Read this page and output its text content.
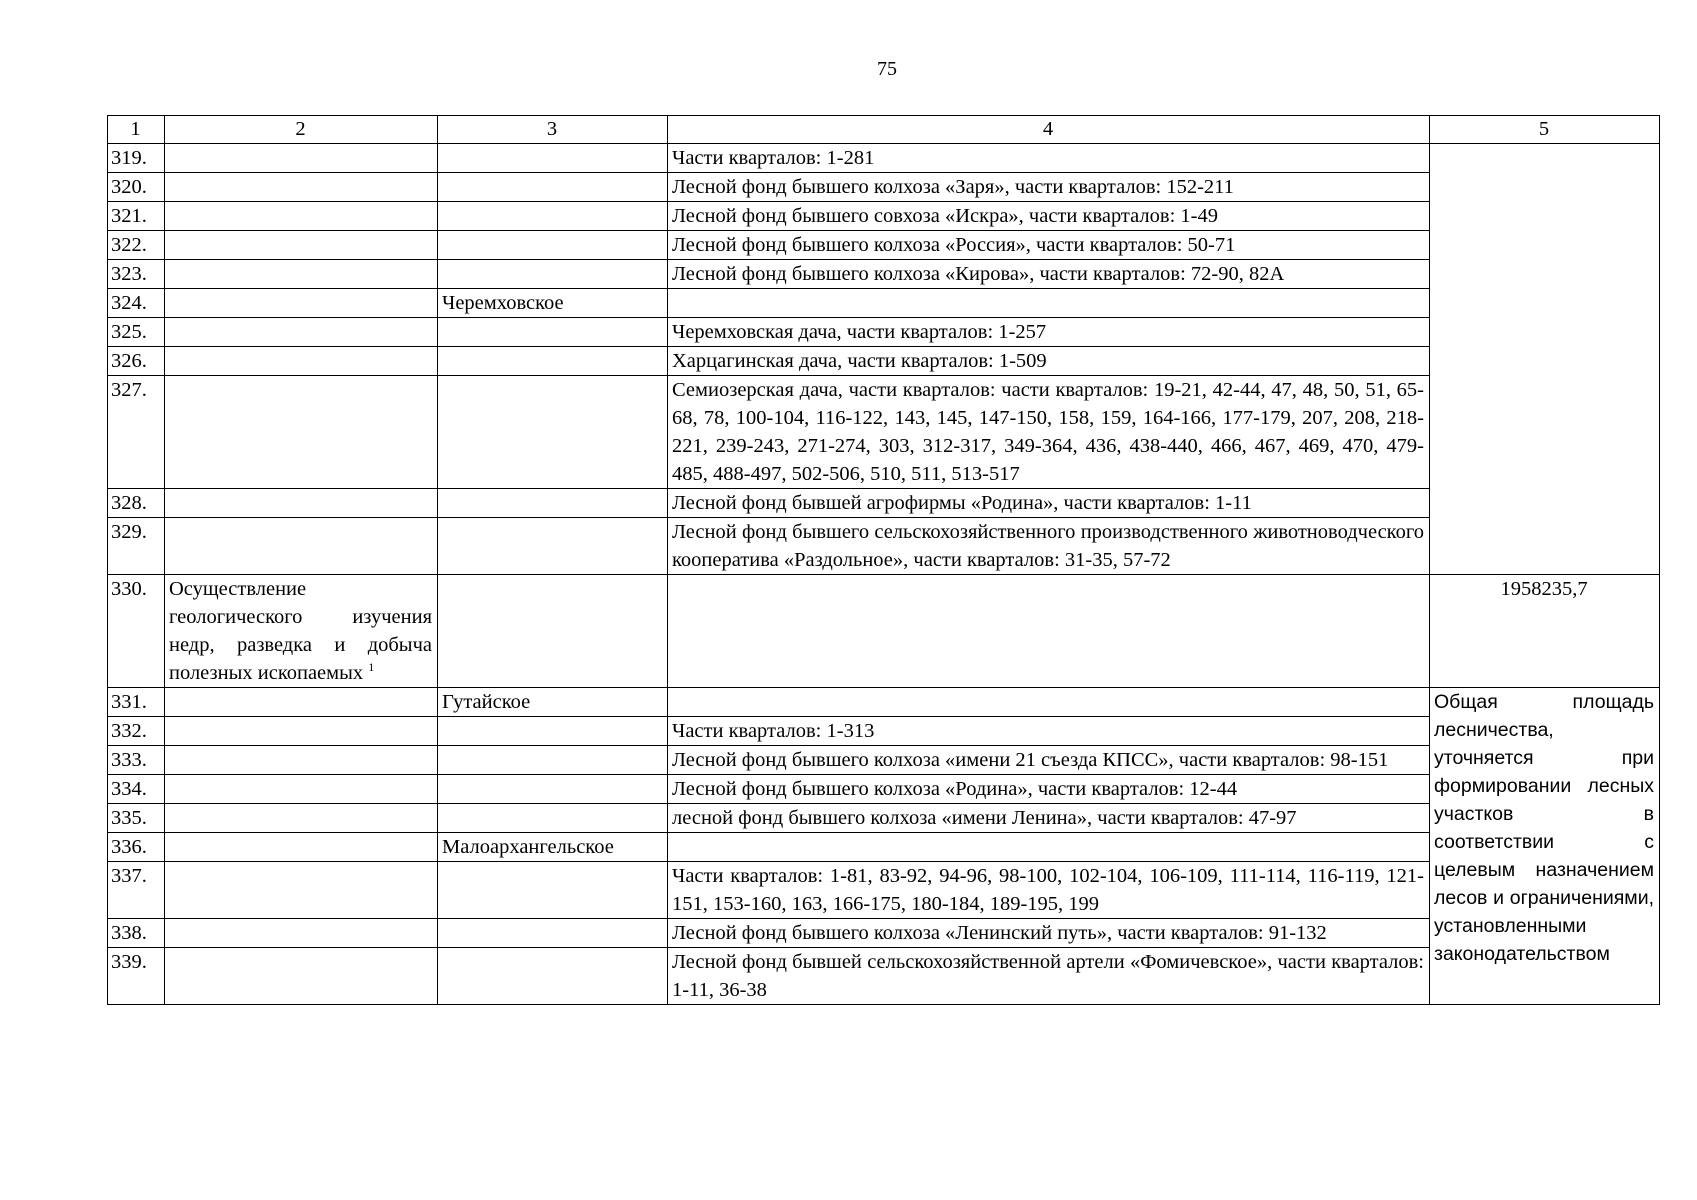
75
1	2	3	4	5
319.			Части кварталов: 1-281	
320.			Лесной фонд бывшего колхоза «Заря», части кварталов: 152-211	
321.			Лесной фонд бывшего совхоза «Искра», части кварталов: 1-49	
322.			Лесной фонд бывшего колхоза «Россия», части кварталов: 50-71	
323.			Лесной фонд бывшего колхоза «Кирова», части кварталов: 72-90, 82А	
324.		Черемховское		
325.			Черемховская дача, части кварталов: 1-257	
326.			Харцагинская дача, части кварталов: 1-509	
327.			Семиозерская дача, части кварталов: части кварталов: 19-21, 42-44, 47, 48, 50, 51, 65-68, 78, 100-104, 116-122, 143, 145, 147-150, 158, 159, 164-166, 177-179, 207, 208, 218-221, 239-243, 271-274, 303, 312-317, 349-364, 436, 438-440, 466, 467, 469, 470, 479-485, 488-497, 502-506, 510, 511, 513-517	
328.			Лесной фонд бывшей агрофирмы «Родина», части кварталов: 1-11	
329.			Лесной фонд бывшего сельскохозяйственного производственного животноводческого кооператива «Раздольное», части кварталов: 31-35, 57-72	
330.	Осуществление геологического изучения недр, разведка и добыча полезных ископаемых $^1$			1958235,7
331.		Гутайское		Общая площадь лесничества, уточняется при формировании лесных участков в соответствии с целевым назначением лесов и ограничениями, установленными законодательством
332.			Части кварталов: 1-313	
333.			Лесной фонд бывшего колхоза «имени 21 съезда КПСС», части кварталов: 98-151	
334.			Лесной фонд бывшего колхоза «Родина», части кварталов: 12-44	
335.			лесной фонд бывшего колхоза «имени Ленина», части кварталов: 47-97	
336.		Малоархангельское		
337.			Части кварталов: 1-81, 83-92, 94-96, 98-100, 102-104, 106-109, 111-114, 116-119, 121-151, 153-160, 163, 166-175, 180-184, 189-195, 199	
338.			Лесной фонд бывшего колхоза «Ленинский путь», части кварталов: 91-132	
339.			Лесной фонд бывшей сельскохозяйственной артели «Фомичевское», части кварталов: 1-11, 36-38	
